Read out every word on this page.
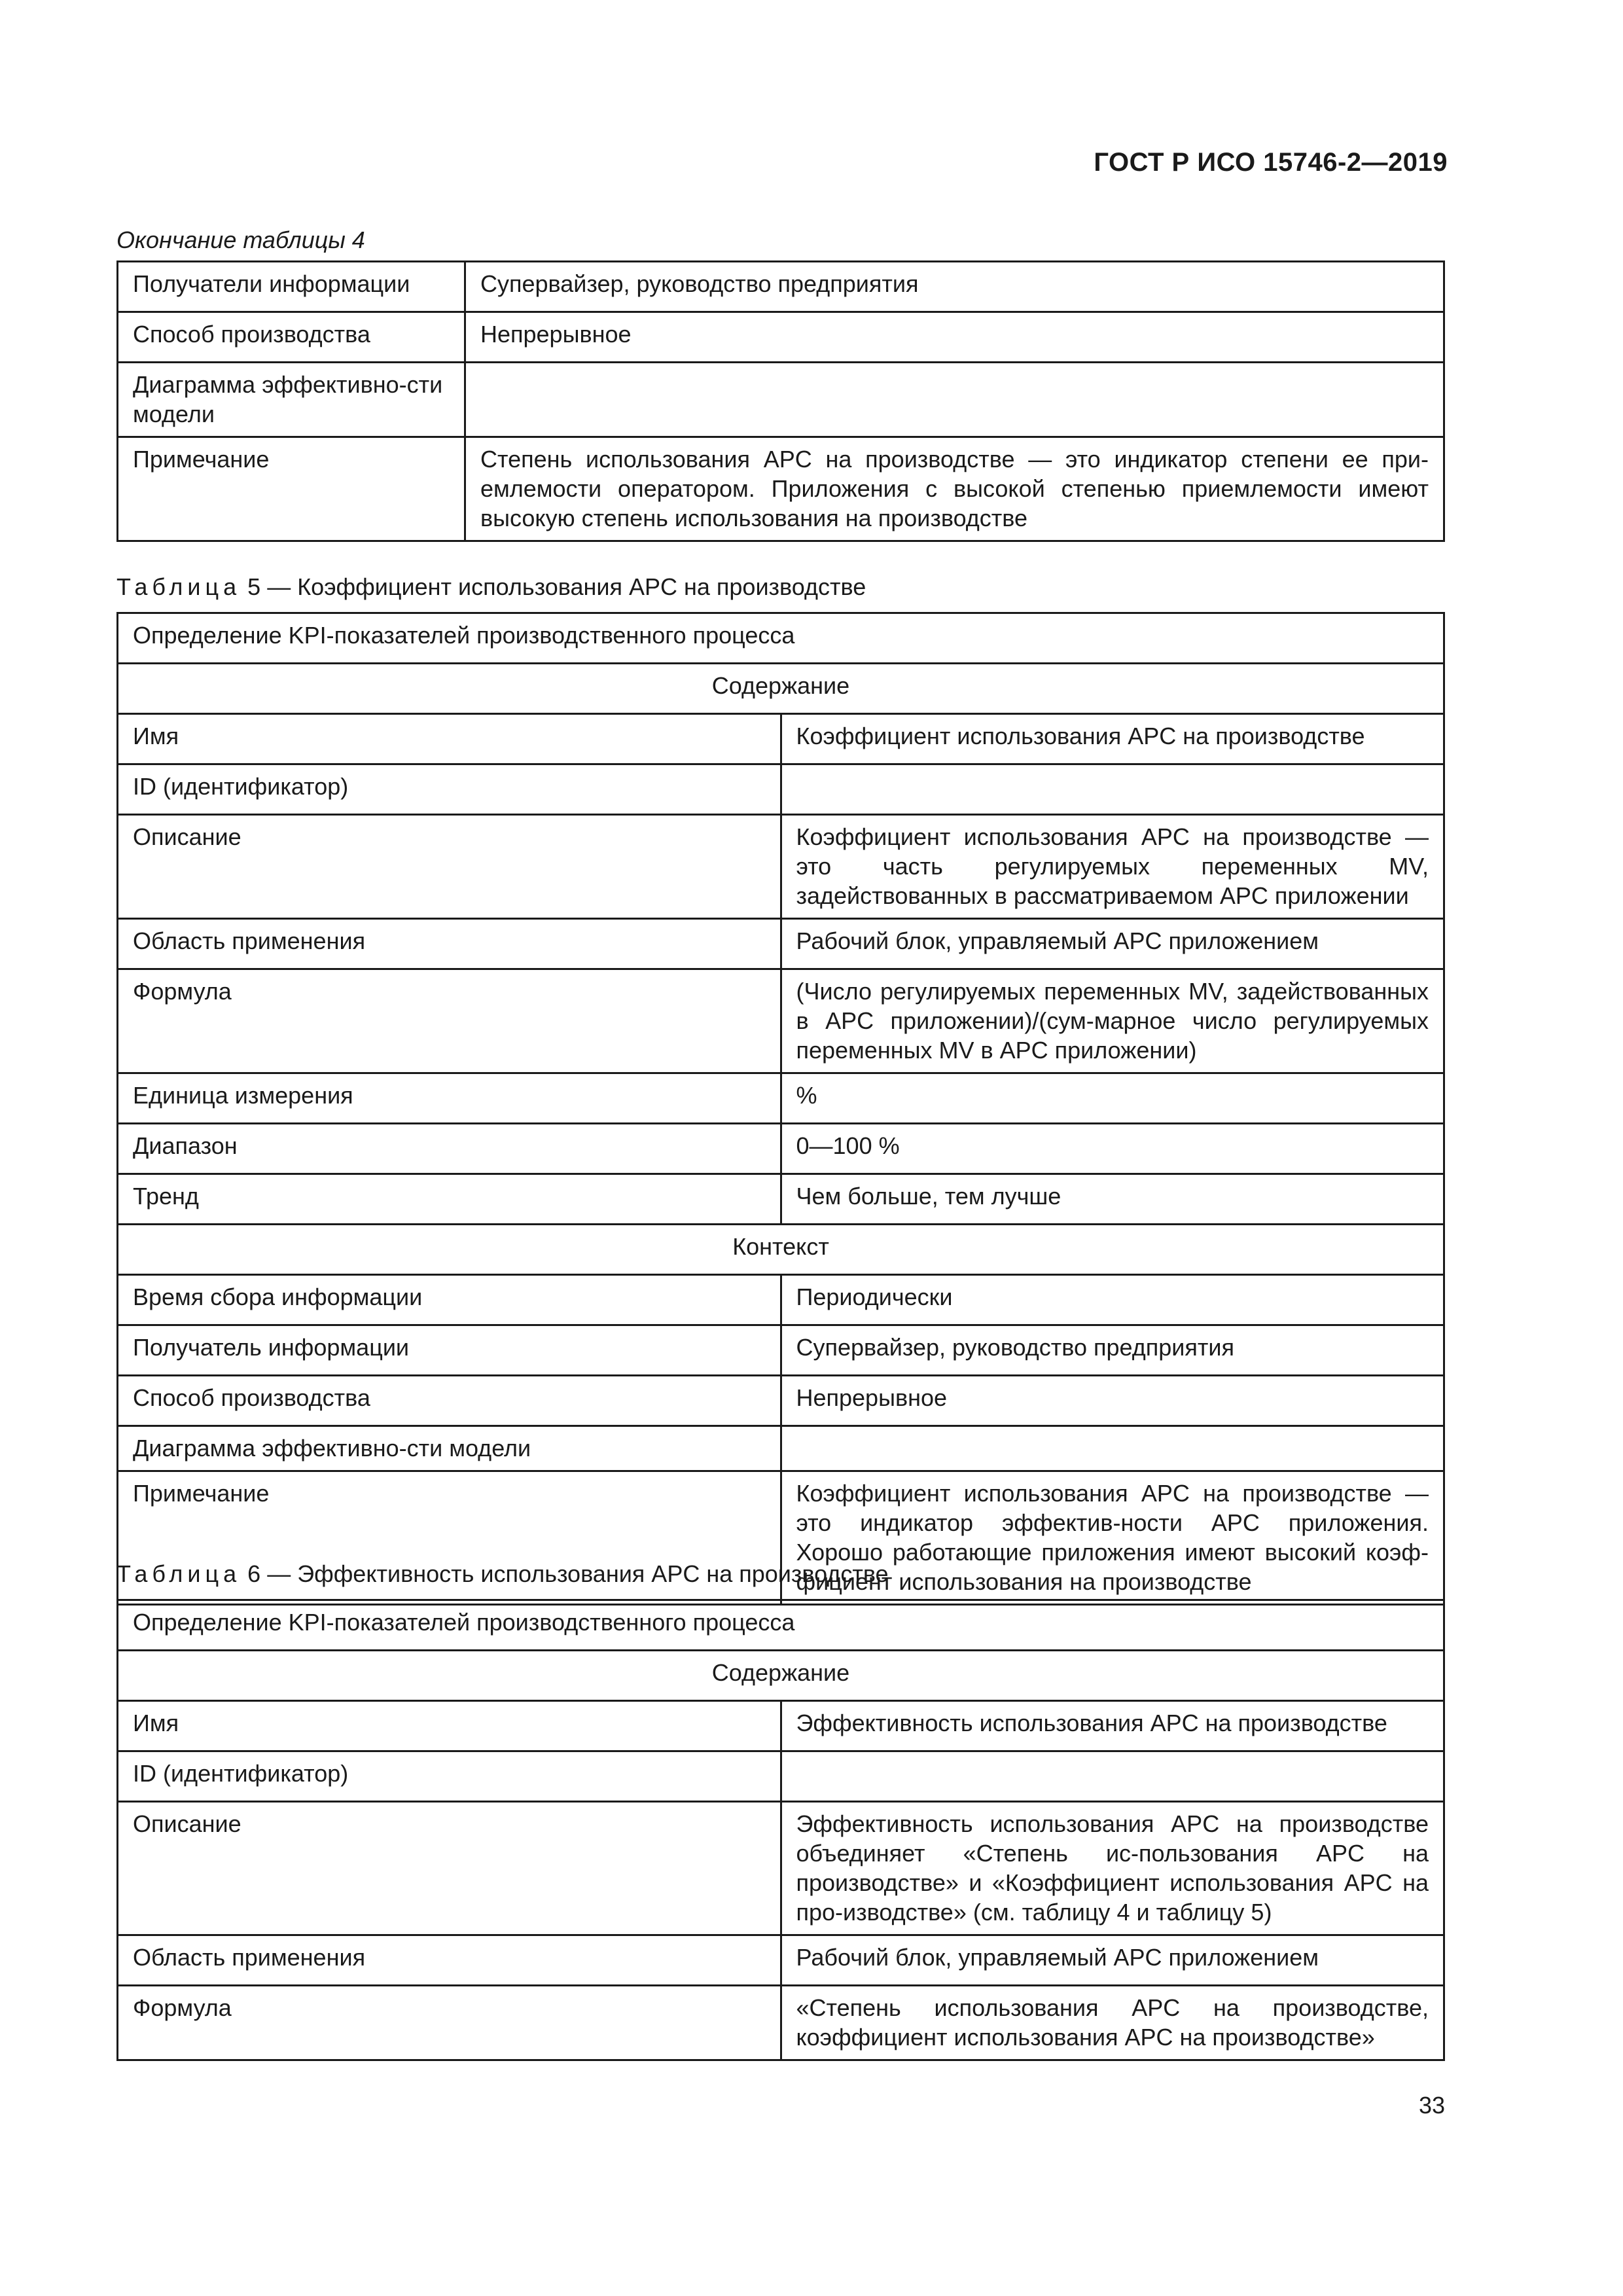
ГОСТ Р ИСО 15746-2—2019
Окончание таблицы 4
Получатели информации	Супервайзер, руководство предприятия
Способ производства	Непрерывное
Диаграмма эффективно-сти модели	
Примечание	Степень использования APC на производстве — это индикатор степени ее при-емлемости оператором. Приложения с высокой степенью приемлемости имеют высокую степень использования на производстве
Таблица 5 — Коэффициент использования APC на производстве
Определение KPI-показателей производственного процесса	
Содержание	
Имя	Коэффициент использования APC на производстве
ID (идентификатор)	
Описание	Коэффициент использования APC на производстве — это часть регулируемых переменных MV, задействованных в рассматриваемом APC приложении
Область применения	Рабочий блок, управляемый APC приложением
Формула	(Число регулируемых переменных MV, задействованных в APC приложении)/(сум-марное число регулируемых переменных MV в APC приложении)
Единица измерения	%
Диапазон	0—100 %
Тренд	Чем больше, тем лучше
Контекст	
Время сбора информации	Периодически
Получатель информации	Супервайзер, руководство предприятия
Способ производства	Непрерывное
Диаграмма эффективно-сти модели	
Примечание	Коэффициент использования APC на производстве — это индикатор эффектив-ности APC приложения. Хорошо работающие приложения имеют высокий коэф-фициент использования на производстве
Таблица 6 — Эффективность использования APC на производстве
Определение KPI-показателей производственного процесса	
Содержание	
Имя	Эффективность использования APC на производстве
ID (идентификатор)	
Описание	Эффективность использования APC на производстве объединяет «Степень ис-пользования APC на производстве» и «Коэффициент использования APC на про-изводстве» (см. таблицу 4 и таблицу 5)
Область применения	Рабочий блок, управляемый APC приложением
Формула	«Степень использования APC на производстве, коэффициент использования APC на производстве»
33
